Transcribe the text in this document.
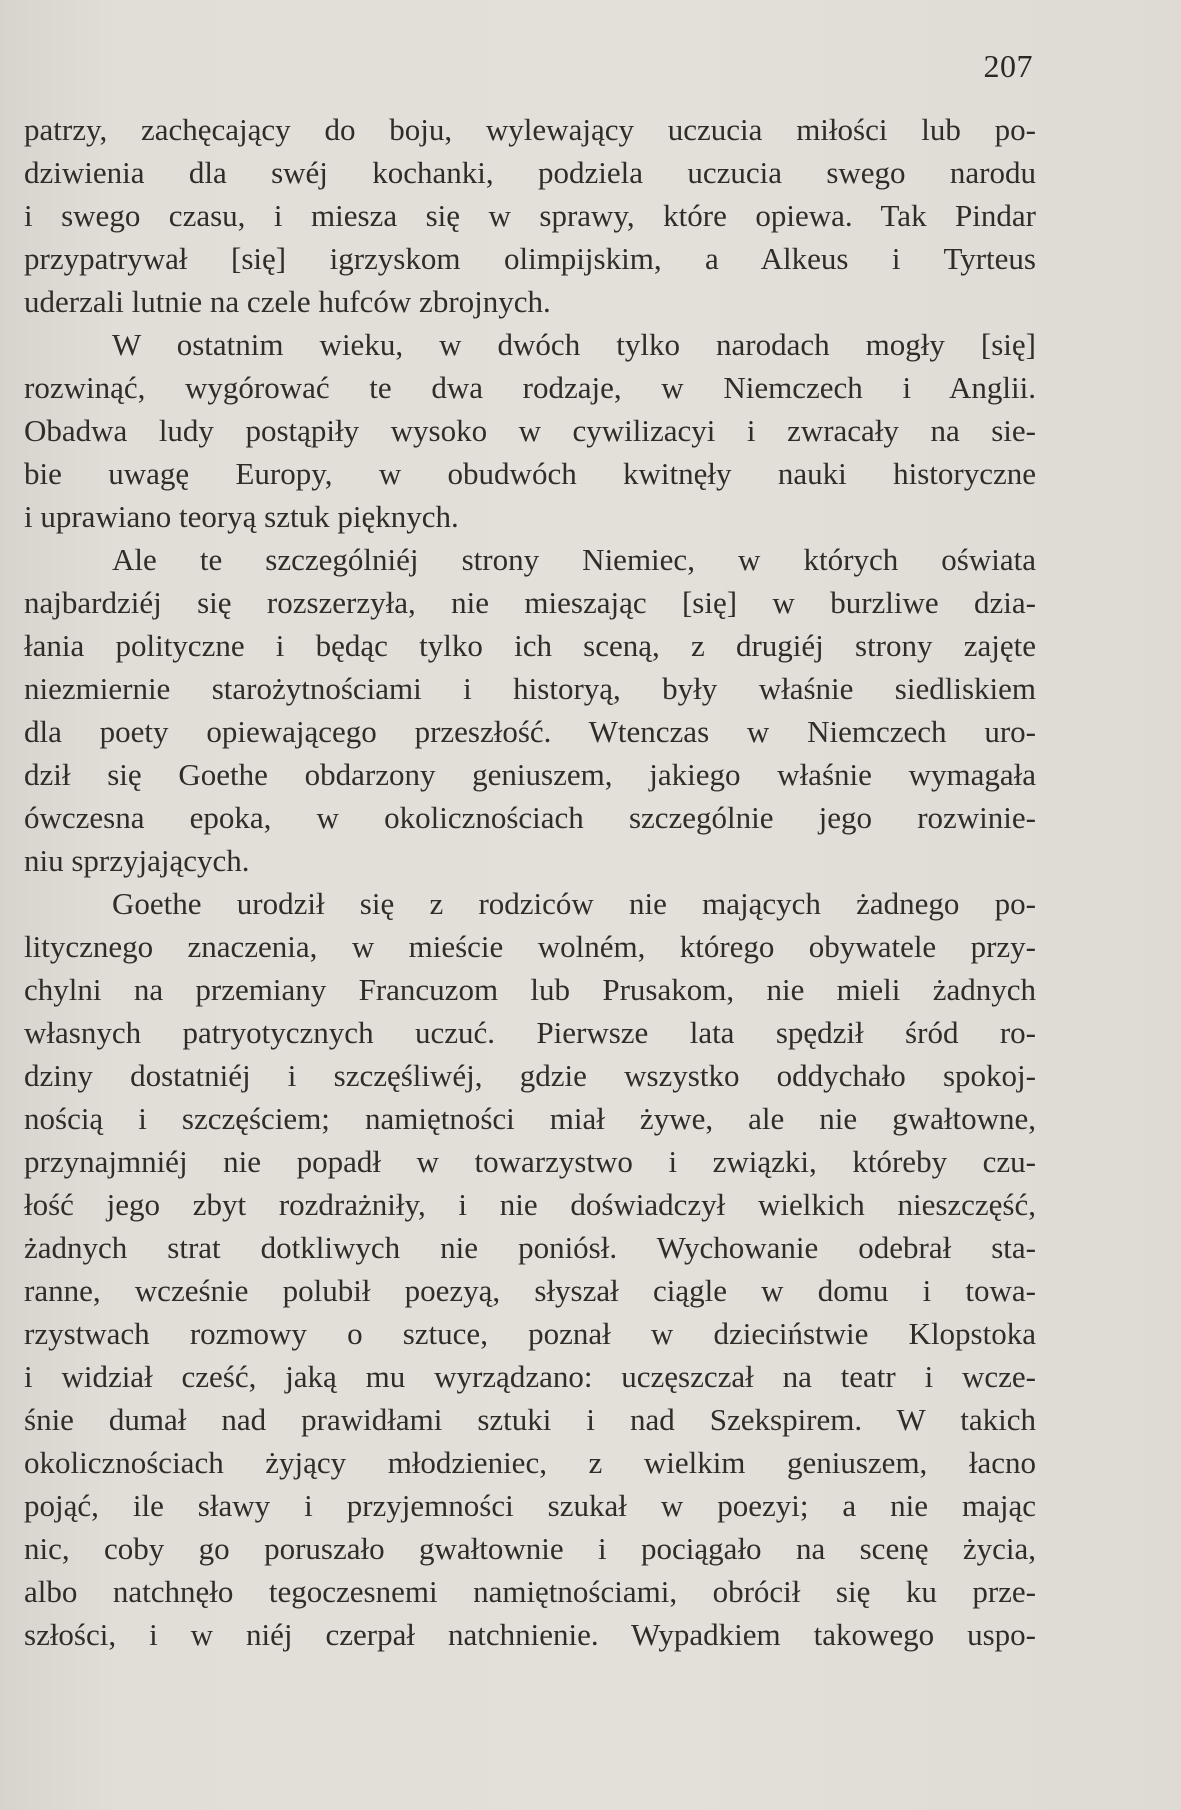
207
patrzy, zachęcający do boju, wylewający uczucia miłości lub po-
dziwienia dla swéj kochanki, podziela uczucia swego narodu
i swego czasu, i miesza się w sprawy, które opiewa. Tak Pindar
przypatrywał [się] igrzyskom olimpijskim, a Alkeus i Tyrteus
uderzali lutnie na czele hufców zbrojnych.
W ostatnim wieku, w dwóch tylko narodach mogły [się]
rozwinąć, wygórować te dwa rodzaje, w Niemczech i Anglii.
Obadwa ludy postąpiły wysoko w cywilizacyi i zwracały na sie-
bie uwagę Europy, w obudwóch kwitnęły nauki historyczne
i uprawiano teoryą sztuk pięknych.
Ale te szczególniéj strony Niemiec, w których oświata
najbardziéj się rozszerzyła, nie mieszając [się] w burzliwe dzia-
łania polityczne i będąc tylko ich sceną, z drugiéj strony zajęte
niezmiernie starożytnościami i historyą, były właśnie siedliskiem
dla poety opiewającego przeszłość. Wtenczas w Niemczech uro-
dził się Goethe obdarzony geniuszem, jakiego właśnie wymagała
ówczesna epoka, w okolicznościach szczególnie jego rozwinie-
niu sprzyjających.
Goethe urodził się z rodziców nie mających żadnego po-
litycznego znaczenia, w mieście wolném, którego obywatele przy-
chylni na przemiany Francuzom lub Prusakom, nie mieli żadnych
własnych patryotycznych uczuć. Pierwsze lata spędził śród ro-
dziny dostatniéj i szczęśliwéj, gdzie wszystko oddychało spokoj-
nością i szczęściem; namiętności miał żywe, ale nie gwałtowne,
przynajmniéj nie popadł w towarzystwo i związki, któreby czu-
łość jego zbyt rozdrażniły, i nie doświadczył wielkich nieszczęść,
żadnych strat dotkliwych nie poniósł. Wychowanie odebrał sta-
ranne, wcześnie polubił poezyą, słyszał ciągle w domu i towa-
rzystwach rozmowy o sztuce, poznał w dzieciństwie Klopstoka
i widział cześć, jaką mu wyrządzano: uczęszczał na teatr i wcze-
śnie dumał nad prawidłami sztuki i nad Szekspirem. W takich
okolicznościach żyjący młodzieniec, z wielkim geniuszem, łacno
pojąć, ile sławy i przyjemności szukał w poezyi; a nie mając
nic, coby go poruszało gwałtownie i pociągało na scenę życia,
albo natchnęło tegoczesnemi namiętnościami, obrócił się ku prze-
szłości, i w niéj czerpał natchnienie. Wypadkiem takowego uspo-
